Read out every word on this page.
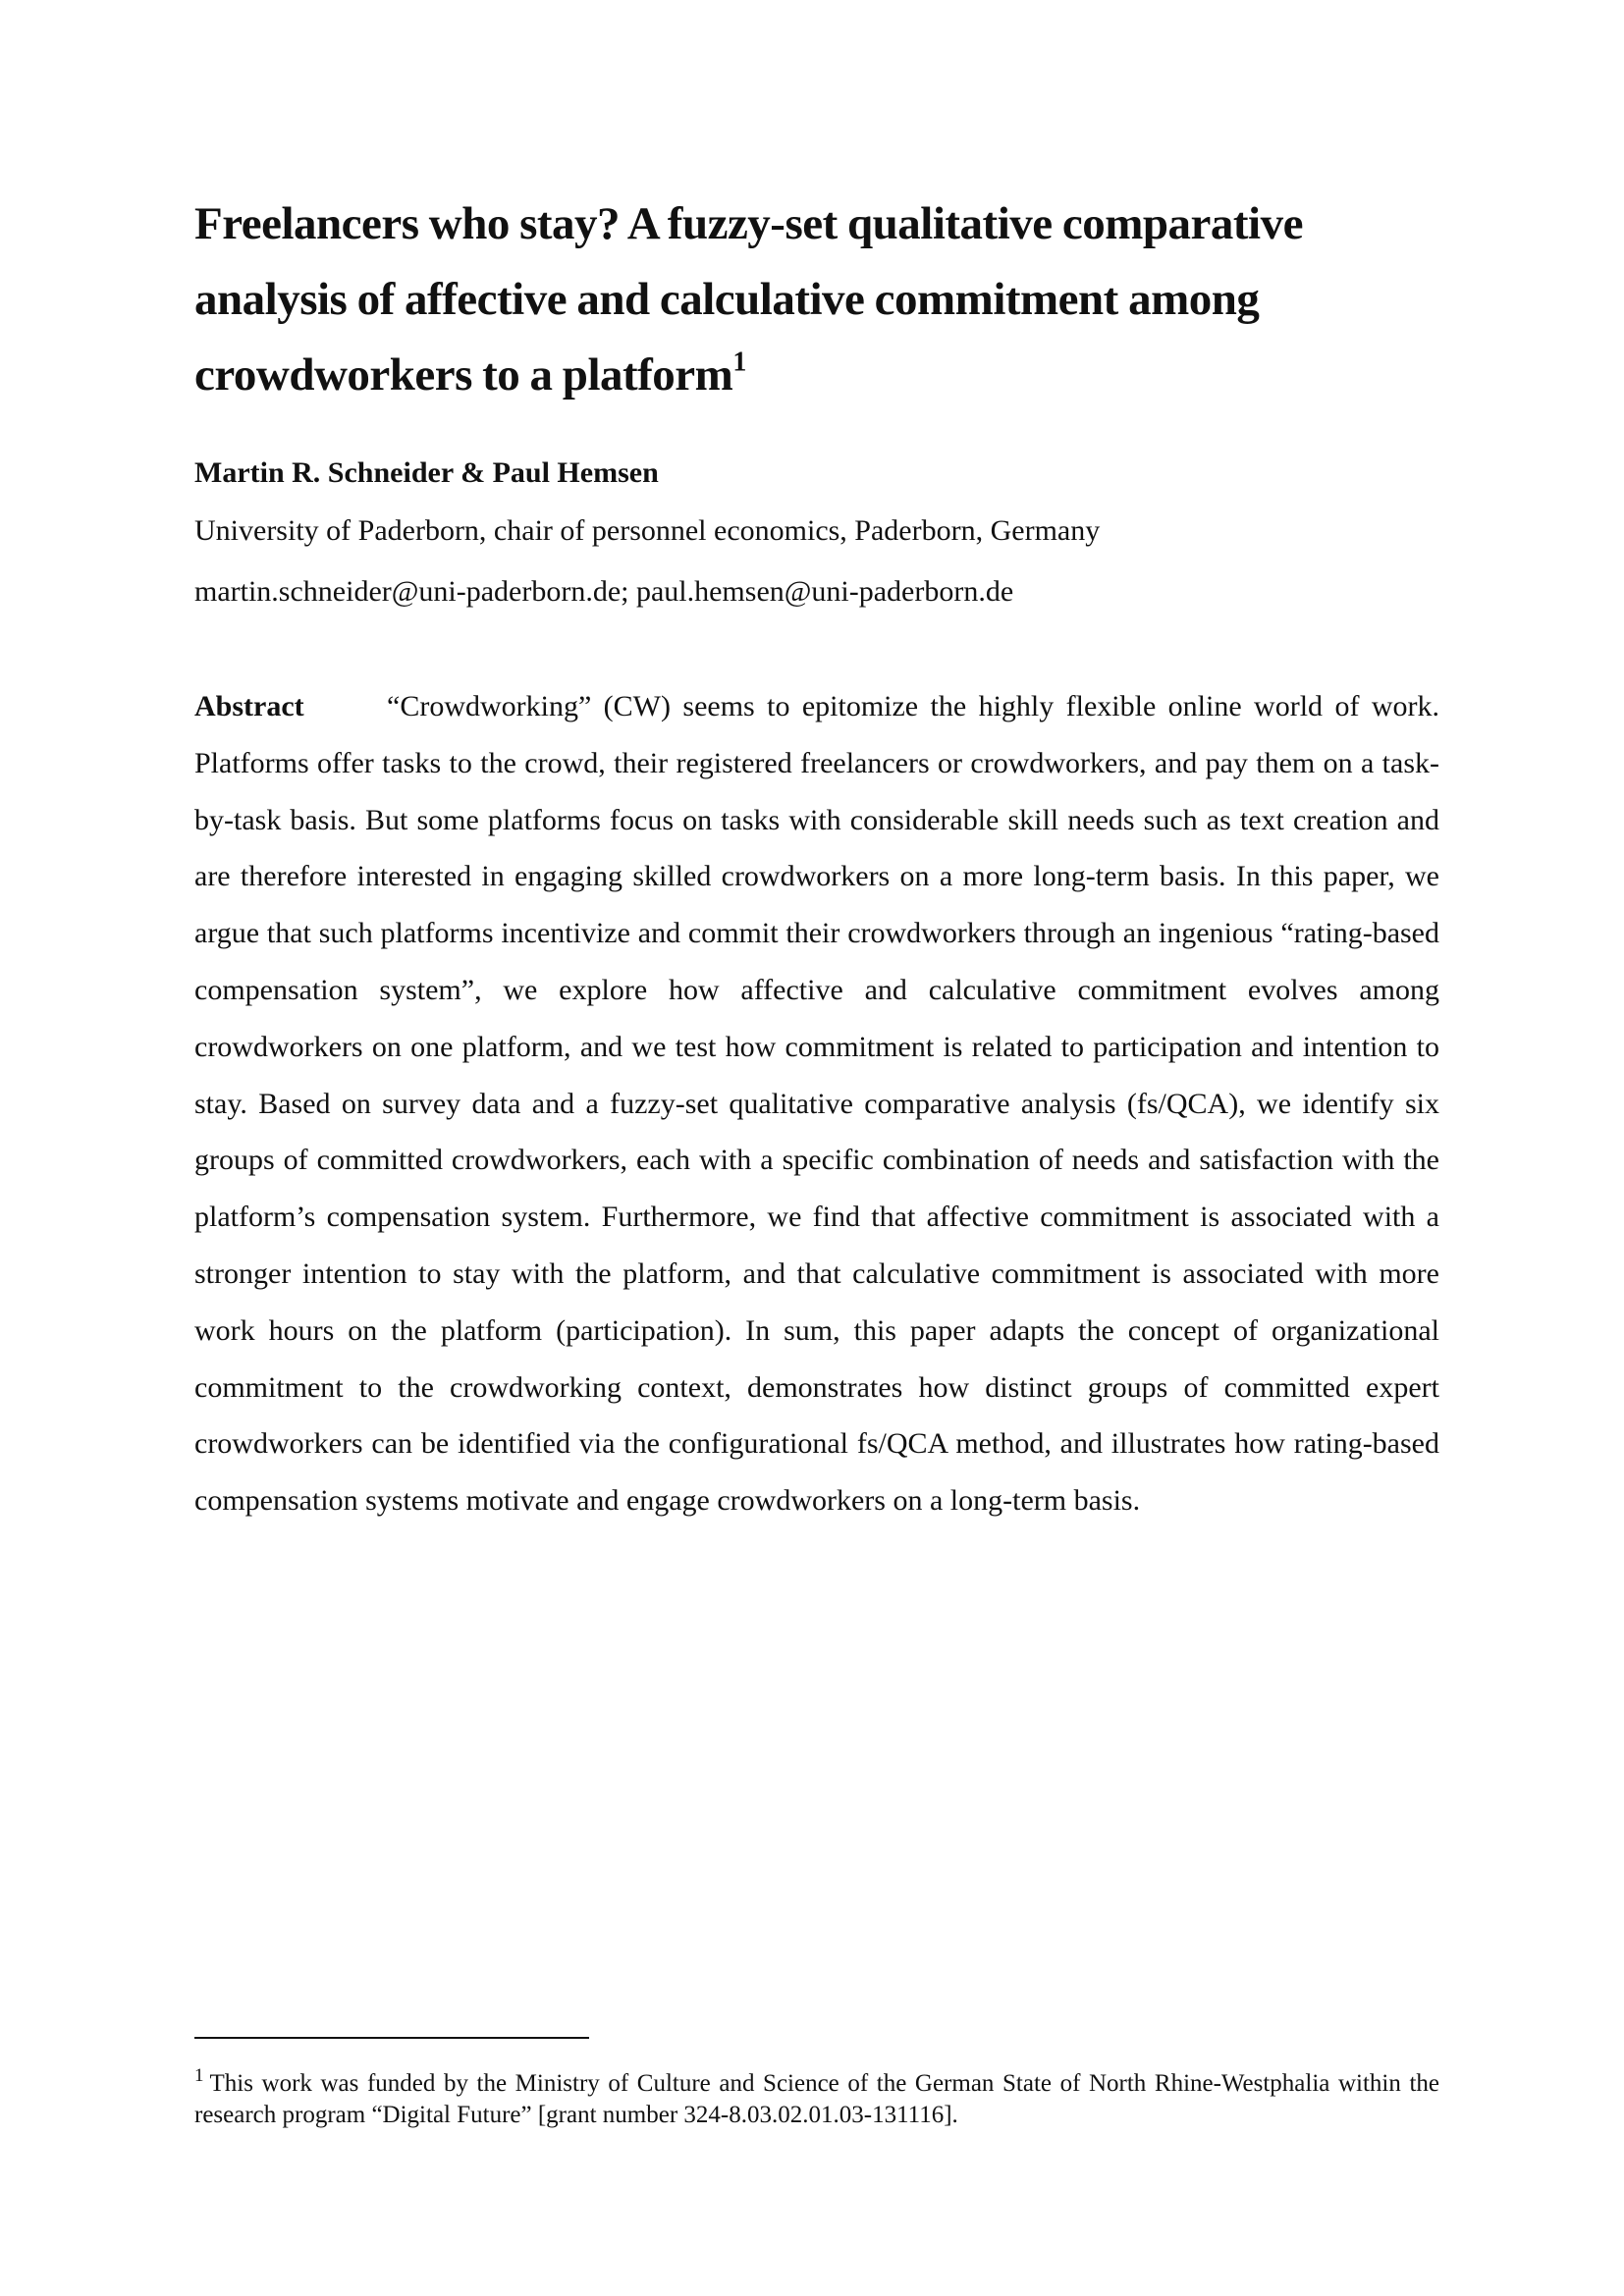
Freelancers who stay? A fuzzy-set qualitative comparative analysis of affective and calculative commitment among crowdworkers to a platform$^1$
Martin R. Schneider & Paul Hemsen
University of Paderborn, chair of personnel economics, Paderborn, Germany
martin.schneider@uni-paderborn.de; paul.hemsen@uni-paderborn.de

Abstract	“Crowdworking” (CW) seems to epitomize the highly flexible online world of work. Platforms offer tasks to the crowd, their registered freelancers or crowdworkers, and pay them on a task-by-task basis. But some platforms focus on tasks with considerable skill needs such as text creation and are therefore interested in engaging skilled crowdworkers on a more long-term basis. In this paper, we argue that such platforms incentivize and commit their crowdworkers through an ingenious “rating-based compensation system”, we explore how affective and calculative commitment evolves among crowdworkers on one platform, and we test how commitment is related to participation and intention to stay. Based on survey data and a fuzzy-set qualitative comparative analysis (fs/QCA), we identify six groups of committed crowdworkers, each with a specific combination of needs and satisfaction with the platform’s compensation system. Furthermore, we find that affective commitment is associated with a stronger intention to stay with the platform, and that calculative commitment is associated with more work hours on the platform (participation). In sum, this paper adapts the concept of organizational commitment to the crowdworking context, demonstrates how distinct groups of committed expert crowdworkers can be identified via the configurational fs/QCA method, and illustrates how rating-based compensation systems motivate and engage crowdworkers on a long-term basis.

$^1$ This work was funded by the Ministry of Culture and Science of the German State of North Rhine-Westphalia within the research program “Digital Future” [grant number 324-8.03.02.01.03-131116].
